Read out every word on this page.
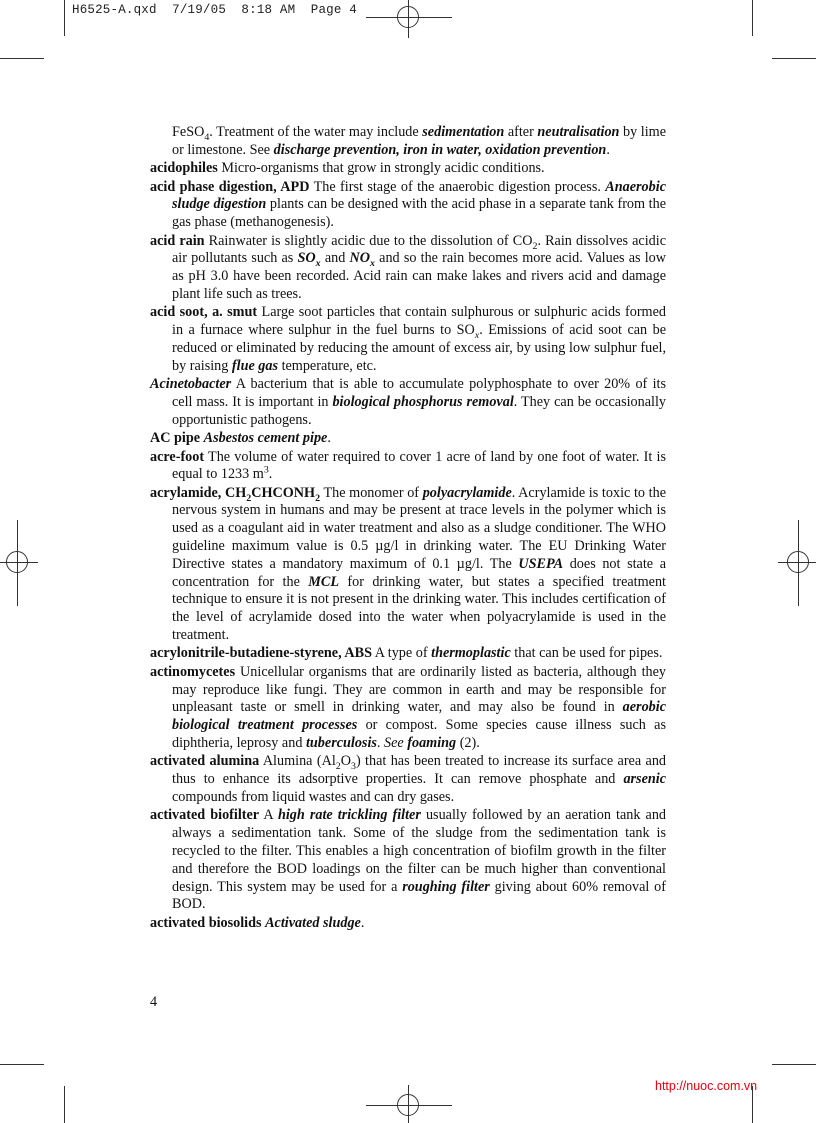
H6525-A.qxd  7/19/05  8:18 AM  Page 4

FeSO$_4$. Treatment of the water may include sedimentation after neutralisation by lime or limestone. See discharge prevention, iron in water, oxidation prevention.

acidophiles Micro-organisms that grow in strongly acidic conditions.

acid phase digestion, APD The first stage of the anaerobic digestion process. Anaerobic sludge digestion plants can be designed with the acid phase in a separate tank from the gas phase (methanogenesis).

acid rain Rainwater is slightly acidic due to the dissolution of $CO_2$. Rain dissolves acidic air pollutants such as $SO_x$ and $NO_x$ and so the rain becomes more acid. Values as low as pH 3.0 have been recorded. Acid rain can make lakes and rivers acid and damage plant life such as trees.

acid soot, a. smut Large soot particles that contain sulphurous or sulphuric acids formed in a furnace where sulphur in the fuel burns to $SO_x$. Emissions of acid soot can be reduced or eliminated by reducing the amount of excess air, by using low sulphur fuel, by raising flue gas temperature, etc.

Acinetobacter A bacterium that is able to accumulate polyphosphate to over 20% of its cell mass. It is important in biological phosphorus removal. They can be occasionally opportunistic pathogens.

AC pipe Asbestos cement pipe.

acre-foot The volume of water required to cover 1 acre of land by one foot of water. It is equal to 1233 $m^3$.

acrylamide, $CH_2CHCONH_2$ The monomer of polyacrylamide. Acrylamide is toxic to the nervous system in humans and may be present at trace levels in the polymer which is used as a coagulant aid in water treatment and also as a sludge conditioner. The WHO guideline maximum value is 0.5 µg/l in drinking water. The EU Drinking Water Directive states a mandatory maximum of 0.1 µg/l. The USEPA does not state a concentration for the MCL for drinking water, but states a specified treatment technique to ensure it is not present in the drinking water. This includes certification of the level of acrylamide dosed into the water when polyacrylamide is used in the treatment.

acrylonitrile-butadiene-styrene, ABS A type of thermoplastic that can be used for pipes.

actinomycetes Unicellular organisms that are ordinarily listed as bacteria, although they may reproduce like fungi. They are common in earth and may be responsible for unpleasant taste or smell in drinking water, and may also be found in aerobic biological treatment processes or compost. Some species cause illness such as diphtheria, leprosy and tuberculosis. See foaming (2).

activated alumina Alumina $(Al_2O_3)$ that has been treated to increase its surface area and thus to enhance its adsorptive properties. It can remove phosphate and arsenic compounds from liquid wastes and can dry gases.

activated biofilter A high rate trickling filter usually followed by an aeration tank and always a sedimentation tank. Some of the sludge from the sedimentation tank is recycled to the filter. This enables a high concentration of biofilm growth in the filter and therefore the BOD loadings on the filter can be much higher than conventional design. This system may be used for a roughing filter giving about 60% removal of BOD.

activated biosolids Activated sludge.

4
http://nuoc.com.vn
